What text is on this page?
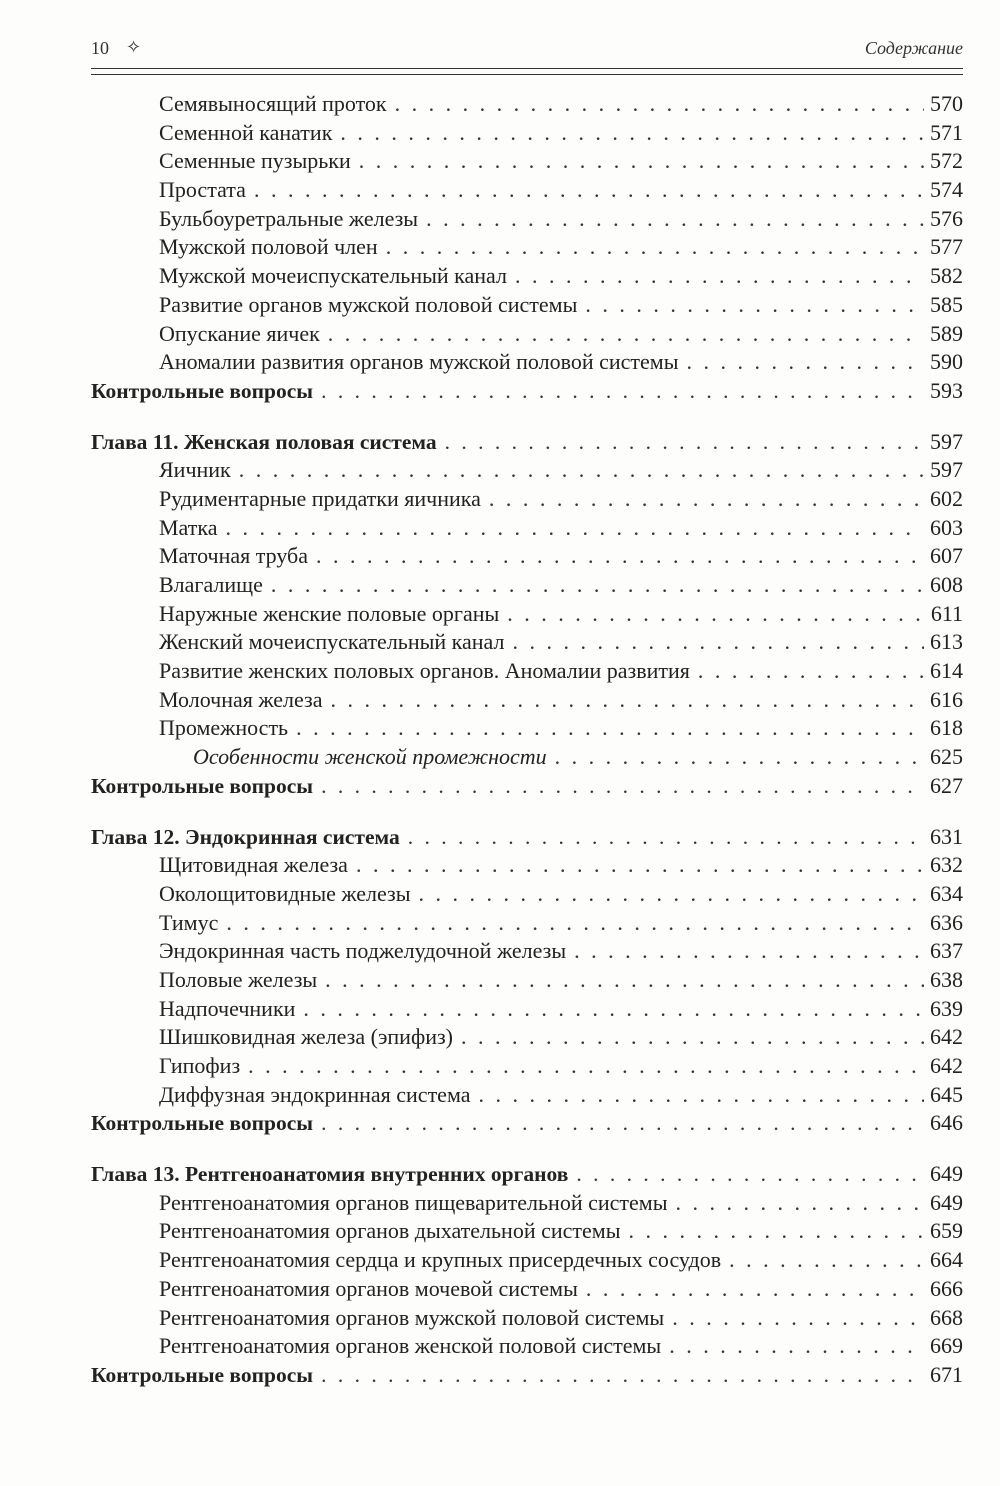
10 ✧	Содержание
Семявыносящий проток . . .	570
Семенной канатик . . .	571
Семенные пузырьки . . .	572
Простата . . .	574
Бульбоуретральные железы . . .	576
Мужской половой член . . .	577
Мужской мочеиспускательный канал . . .	582
Развитие органов мужской половой системы . . .	585
Опускание яичек . . .	589
Аномалии развития органов мужской половой системы . . .	590
Контрольные вопросы . . .	593
Глава 11. Женская половая система . . .	597
Яичник . . .	597
Рудиментарные придатки яичника . . .	602
Матка . . .	603
Маточная труба . . .	607
Влагалище . . .	608
Наружные женские половые органы . . .	611
Женский мочеиспускательный канал . . .	613
Развитие женских половых органов. Аномалии развития . . .	614
Молочная железа . . .	616
Промежность . . .	618
Особенности женской промежности . . .	625
Контрольные вопросы . . .	627
Глава 12. Эндокринная система . . .	631
Щитовидная железа . . .	632
Околощитовидные железы . . .	634
Тимус . . .	636
Эндокринная часть поджелудочной железы . . .	637
Половые железы . . .	638
Надпочечники . . .	639
Шишковидная железа (эпифиз) . . .	642
Гипофиз . . .	642
Диффузная эндокринная система . . .	645
Контрольные вопросы . . .	646
Глава 13. Рентгеноанатомия внутренних органов . . .	649
Рентгеноанатомия органов пищеварительной системы . . .	649
Рентгеноанатомия органов дыхательной системы . . .	659
Рентгеноанатомия сердца и крупных присердечных сосудов . . .	664
Рентгеноанатомия органов мочевой системы . . .	666
Рентгеноанатомия органов мужской половой системы . . .	668
Рентгеноанатомия органов женской половой системы . . .	669
Контрольные вопросы . . .	671
